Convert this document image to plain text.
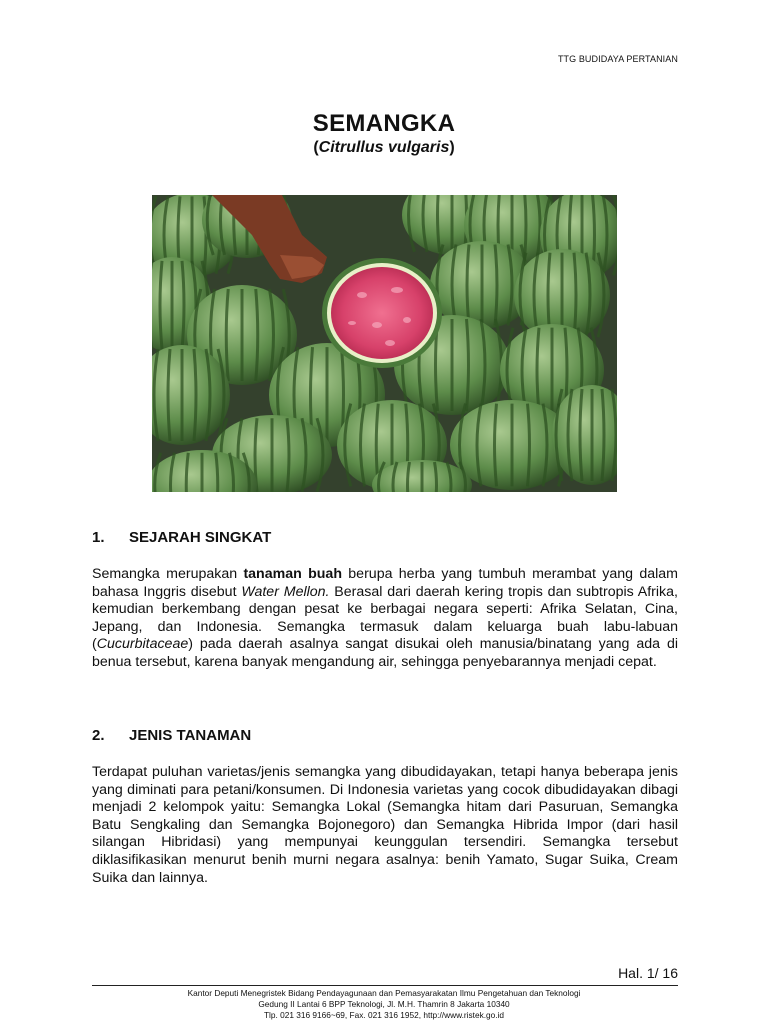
TTG BUDIDAYA PERTANIAN
SEMANGKA
(Citrullus vulgaris)
1. SEJARAH SINGKAT
Semangka merupakan tanaman buah berupa herba yang tumbuh merambat yang dalam bahasa Inggris disebut Water Mellon. Berasal dari daerah kering tropis dan subtropis Afrika, kemudian berkembang dengan pesat ke berbagai negara seperti: Afrika Selatan, Cina, Jepang, dan Indonesia. Semangka termasuk dalam keluarga buah labu-labuan (Cucurbitaceae) pada daerah asalnya sangat disukai oleh manusia/binatang yang ada di benua tersebut, karena banyak mengandung air, sehingga penyebarannya menjadi cepat.
2. JENIS TANAMAN
Terdapat puluhan varietas/jenis semangka yang dibudidayakan, tetapi hanya beberapa jenis yang diminati para petani/konsumen. Di Indonesia varietas yang cocok dibudidayakan dibagi menjadi 2 kelompok yaitu: Semangka Lokal (Semangka hitam dari Pasuruan, Semangka Batu Sengkaling dan Semangka Bojonegoro) dan Semangka Hibrida Impor (dari hasil silangan Hibridasi) yang mempunyai keunggulan tersendiri. Semangka tersebut diklasifikasikan menurut benih murni negara asalnya: benih Yamato, Sugar Suika, Cream Suika dan lainnya.
Hal. 1/ 16
Kantor Deputi Menegristek Bidang Pendayagunaan dan Pemasyarakatan Ilmu Pengetahuan dan Teknologi
Gedung II Lantai 6 BPP Teknologi, Jl. M.H. Thamrin 8 Jakarta 10340
Tlp. 021 316 9166~69, Fax. 021 316 1952, http://www.ristek.go.id
